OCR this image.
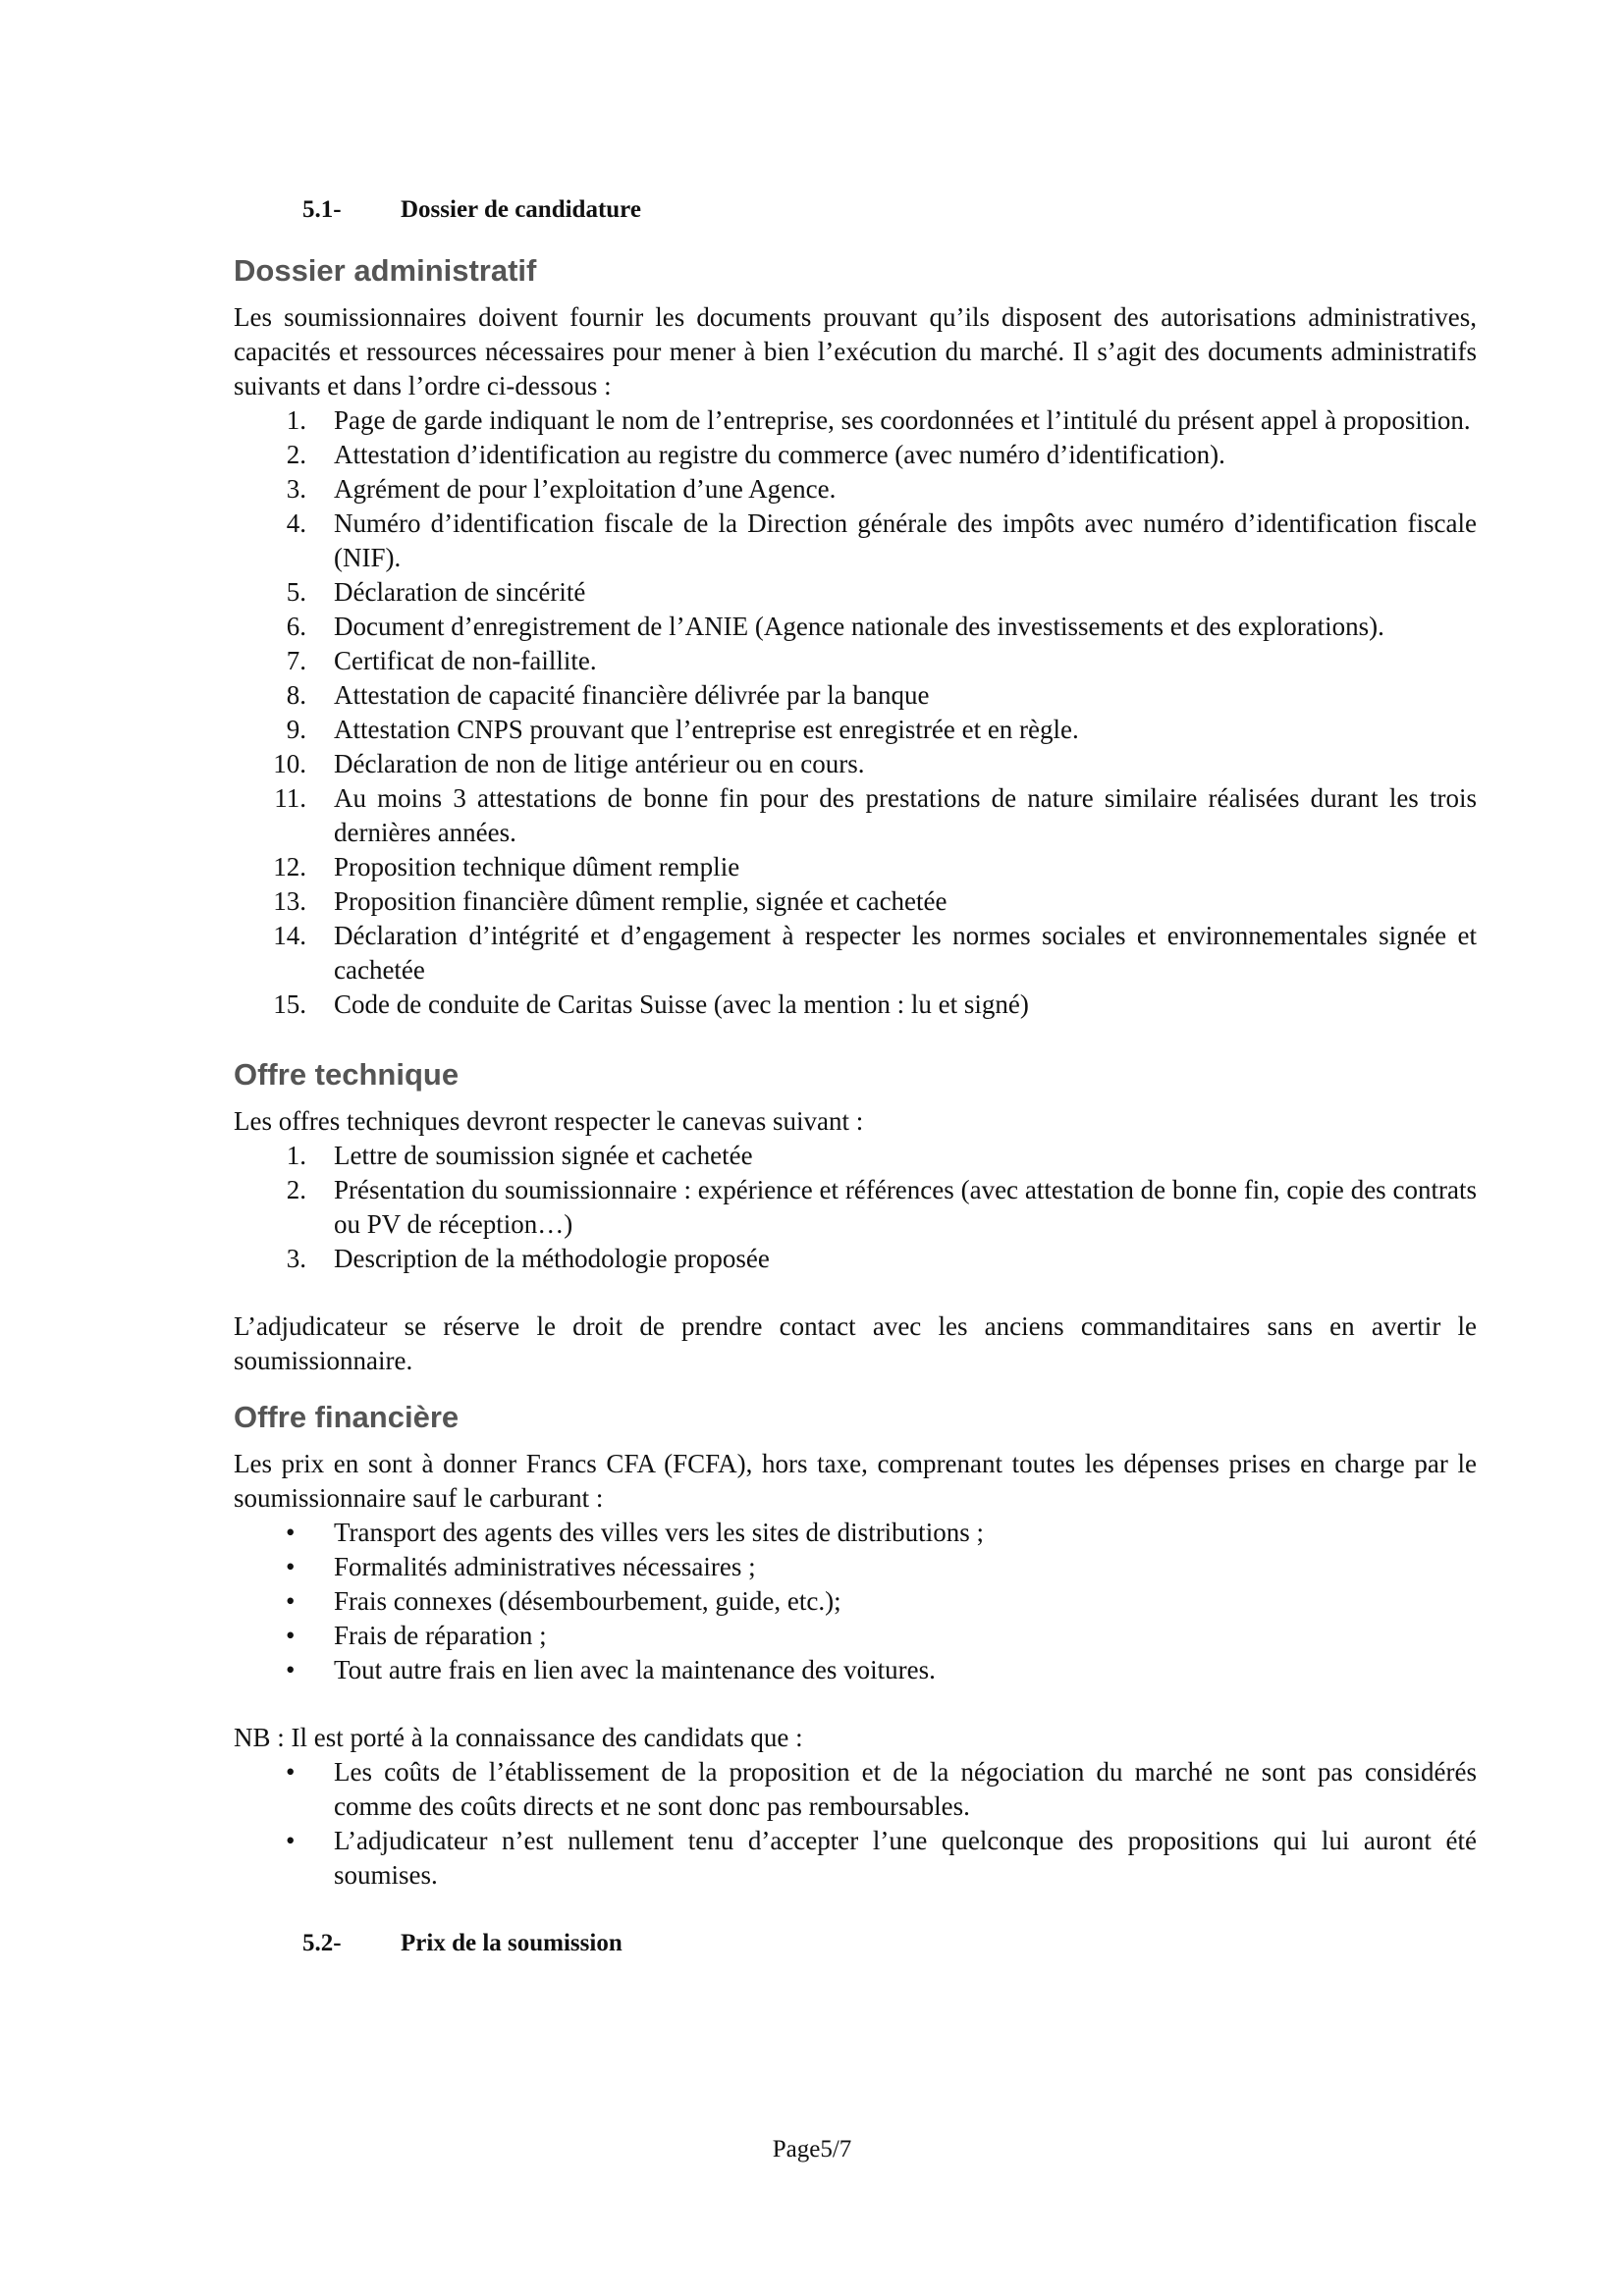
5.1- Dossier de candidature
Dossier administratif

Les soumissionnaires doivent fournir les documents prouvant qu’ils disposent des autorisations administratives, capacités et ressources nécessaires pour mener à bien l’exécution du marché. Il s’agit des documents administratifs suivants et dans l’ordre ci-dessous :

1. Page de garde indiquant le nom de l’entreprise, ses coordonnées et l’intitulé du présent appel à proposition.
2. Attestation d’identification au registre du commerce (avec numéro d’identification).
3. Agrément de pour l’exploitation d’une Agence.
4. Numéro d’identification fiscale de la Direction générale des impôts avec numéro d’identification fiscale (NIF).
5. Déclaration de sincérité
6. Document d’enregistrement de l’ANIE (Agence nationale des investissements et des explorations).
7. Certificat de non-faillite.
8. Attestation de capacité financière délivrée par la banque
9. Attestation CNPS prouvant que l’entreprise est enregistrée et en règle.
10. Déclaration de non de litige antérieur ou en cours.
11. Au moins 3 attestations de bonne fin pour des prestations de nature similaire réalisées durant les trois dernières années.
12. Proposition technique dûment remplie
13. Proposition financière dûment remplie, signée et cachetée
14. Déclaration d’intégrité et d’engagement à respecter les normes sociales et environnementales signée et cachetée
15. Code de conduite de Caritas Suisse (avec la mention : lu et signé)
Offre technique

Les offres techniques devront respecter le canevas suivant :

1. Lettre de soumission signée et cachetée
2. Présentation du soumissionnaire : expérience et références (avec attestation de bonne fin, copie des contrats ou PV de réception…)
3. Description de la méthodologie proposée

L’adjudicateur se réserve le droit de prendre contact avec les anciens commanditaires sans en avertir le soumissionnaire.

Offre financière

Les prix en sont à donner Francs CFA (FCFA), hors taxe, comprenant toutes les dépenses prises en charge par le soumissionnaire sauf le carburant :

• Transport des agents des villes vers les sites de distributions ;
• Formalités administratives nécessaires ;
• Frais connexes (désembourbement, guide, etc.);
• Frais de réparation ;
• Tout autre frais en lien avec la maintenance des voitures.

NB : Il est porté à la connaissance des candidats que :

• Les coûts de l’établissement de la proposition et de la négociation du marché ne sont pas considérés comme des coûts directs et ne sont donc pas remboursables.
• L’adjudicateur n’est nullement tenu d’accepter l’une quelconque des propositions qui lui auront été soumises.
5.2- Prix de la soumission
Page5/7
